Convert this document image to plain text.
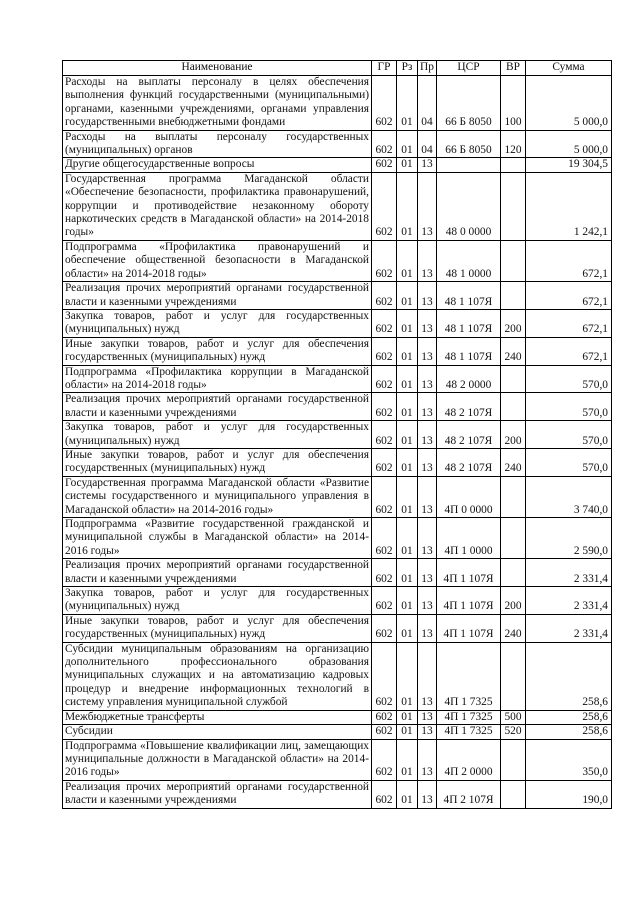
Наименование	ГР	Рз	Пр	ЦСР	ВР	Сумма
Расходы на выплаты персоналу в целях обеспечения выполнения функций государственными (муниципальными) органами, казенными учреждениями, органами управления государственными внебюджетными фондами	602	01	04	66 Б 8050	100	5 000,0
Расходы на выплаты персоналу государственных (муниципальных) органов	602	01	04	66 Б 8050	120	5 000,0
Другие общегосударственные вопросы	602	01	13			19 304,5
Государственная программа Магаданской области «Обеспечение безопасности, профилактика правонарушений, коррупции и противодействие незаконному обороту наркотических средств в Магаданской области» на 2014-2018 годы»	602	01	13	48 0 0000		1 242,1
Подпрограмма «Профилактика правонарушений и обеспечение общественной безопасности в Магаданской области» на 2014-2018 годы»	602	01	13	48 1 0000		672,1
Реализация прочих мероприятий органами государственной власти и казенными учреждениями	602	01	13	48 1 107Я		672,1
Закупка товаров, работ и услуг для государственных (муниципальных) нужд	602	01	13	48 1 107Я	200	672,1
Иные закупки товаров, работ и услуг для обеспечения государственных (муниципальных) нужд	602	01	13	48 1 107Я	240	672,1
Подпрограмма «Профилактика коррупции в Магаданской области» на 2014-2018 годы»	602	01	13	48 2 0000		570,0
Реализация прочих мероприятий органами государственной власти и казенными учреждениями	602	01	13	48 2 107Я		570,0
Закупка товаров, работ и услуг для государственных (муниципальных) нужд	602	01	13	48 2 107Я	200	570,0
Иные закупки товаров, работ и услуг для обеспечения государственных (муниципальных) нужд	602	01	13	48 2 107Я	240	570,0
Государственная программа Магаданской области «Развитие системы государственного и муниципального управления в Магаданской области» на 2014-2016 годы»	602	01	13	4П 0 0000		3 740,0
Подпрограмма «Развитие государственной гражданской и муниципальной службы в Магаданской области» на 2014-2016 годы»	602	01	13	4П 1 0000		2 590,0
Реализация прочих мероприятий органами государственной власти и казенными учреждениями	602	01	13	4П 1 107Я		2 331,4
Закупка товаров, работ и услуг для государственных (муниципальных) нужд	602	01	13	4П 1 107Я	200	2 331,4
Иные закупки товаров, работ и услуг для обеспечения государственных (муниципальных) нужд	602	01	13	4П 1 107Я	240	2 331,4
Субсидии муниципальным образованиям на организацию дополнительного профессионального образования муниципальных служащих и на автоматизацию кадровых процедур и внедрение информационных технологий в систему управления муниципальной службой	602	01	13	4П 1 7325		258,6
Межбюджетные трансферты	602	01	13	4П 1 7325	500	258,6
Субсидии	602	01	13	4П 1 7325	520	258,6
Подпрограмма «Повышение квалификации лиц, замещающих муниципальные должности в Магаданской области» на 2014-2016 годы»	602	01	13	4П 2 0000		350,0
Реализация прочих мероприятий органами государственной власти и казенными учреждениями	602	01	13	4П 2 107Я		190,0
